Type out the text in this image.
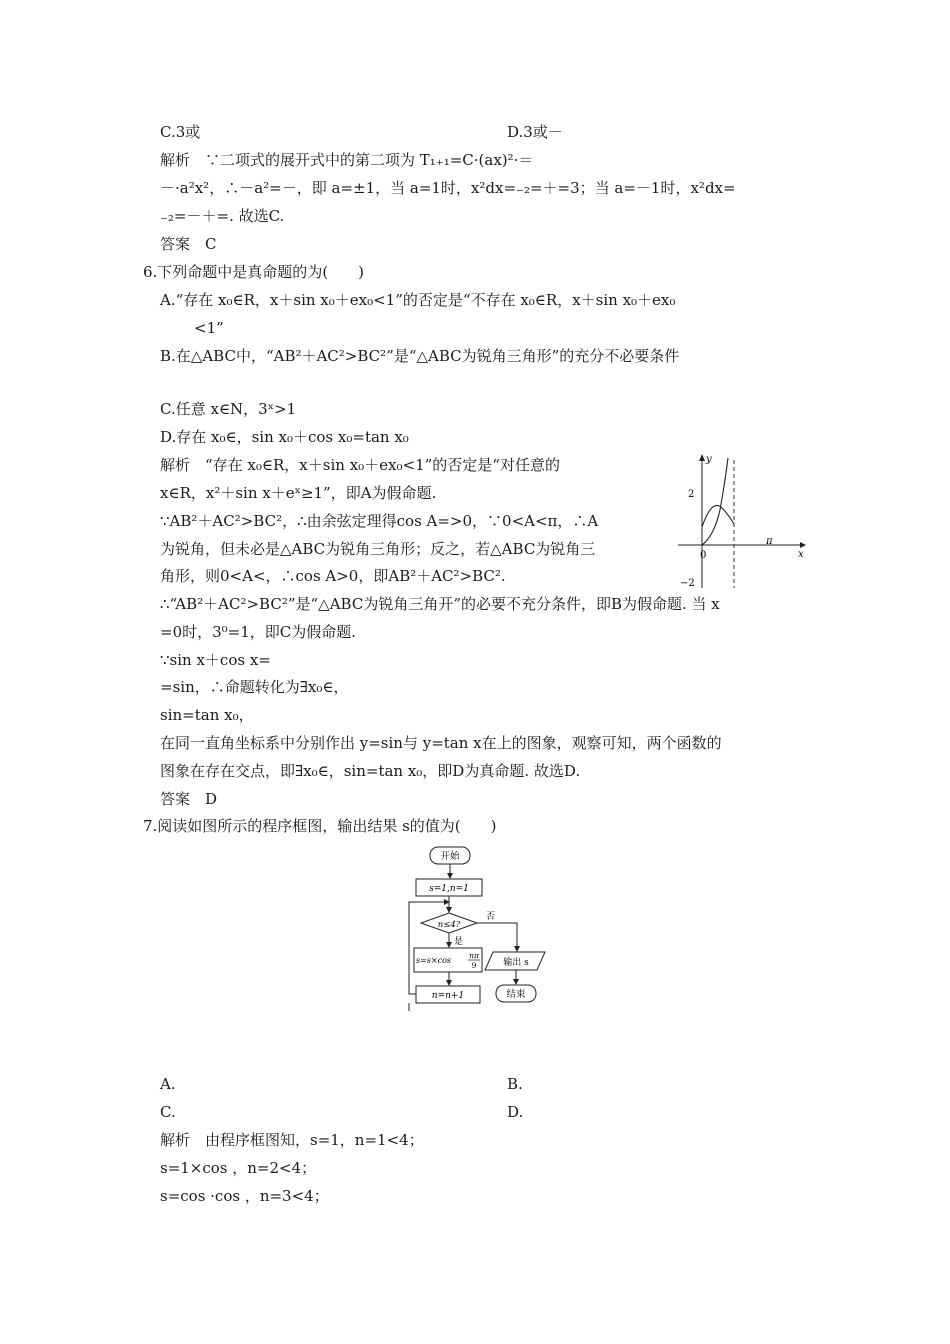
C.3或	D.3或－
解析　∵二项式的展开式中的第二项为 T₁₊₁=C·(ax)²·＝
－·a²x²，∴－a²=－，即 a=±1，当 a=1时，x²dx=₋₂=＋=3；当 a=－1时，x²dx=
₋₂=－＋=. 故选C.
答案　C
6.下列命题中是真命题的为(　　)
A.“存在 x₀∈R，x＋sin x₀＋ex₀<1”的否定是“不存在 x₀∈R，x＋sin x₀＋ex₀
<1”
B.在△ABC中，“AB²＋AC²>BC²”是“△ABC为锐角三角形”的充分不必要条件
C.任意 x∈N，3ˣ>1
D.存在 x₀∈，sin x₀＋cos x₀=tan x₀
解析　“存在 x₀∈R，x＋sin x₀＋ex₀<1”的否定是“对任意的
x∈R，x²＋sin x＋eˣ≥1”，即A为假命题.
∵AB²＋AC²>BC²，∴由余弦定理得cos A=>0，∵0<A<π，∴A
为锐角，但未必是△ABC为锐角三角形；反之，若△ABC为锐角三
角形，则0<A<，∴cos A>0，即AB²＋AC²>BC².
∴“AB²＋AC²>BC²”是“△ABC为锐角三角开”的必要不充分条件，即B为假命题. 当 x
=0时，3⁰=1，即C为假命题.
∵sin x＋cos x=
=sin，∴命题转化为∃x₀∈，
sin=tan x₀，
在同一直角坐标系中分别作出 y=sin与 y=tan x在上的图象，观察可知，两个函数的
图象在存在交点，即∃x₀∈，sin=tan x₀，即D为真命题. 故选D.
答案　D
7.阅读如图所示的程序框图，输出结果 s的值为(　　)
A.	B.
C.	D.
解析　由程序框图知，s=1，n=1<4；
s=1×cos ，n=2<4；
s=cos ·cos ，n=3<4；
y
x
2
−2
0
π
开始
s=1,n=1
n≤4?
否
是
s=s×cos
nπ
9
n=n+1
输出 s
结束
